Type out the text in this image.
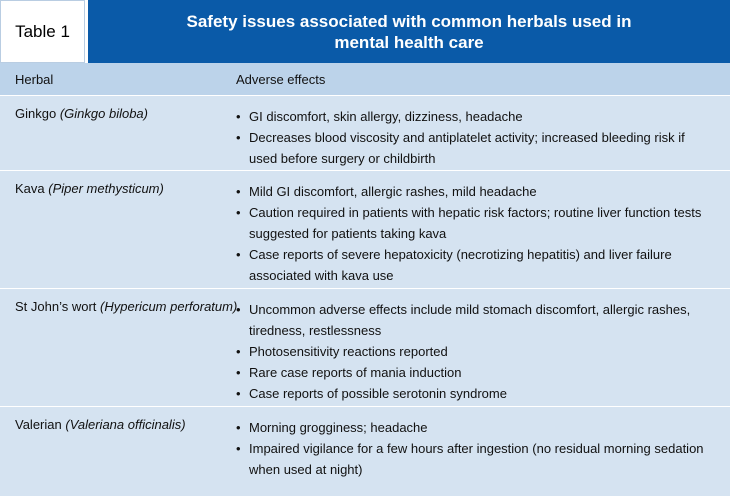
Table 1
Safety issues associated with common herbals used in mental health care
Herbal	Adverse effects
Ginkgo (Ginkgo biloba)	• GI discomfort, skin allergy, dizziness, headache
• Decreases blood viscosity and antiplatelet activity; increased bleeding risk if used before surgery or childbirth
Kava (Piper methysticum)	• Mild GI discomfort, allergic rashes, mild headache
• Caution required in patients with hepatic risk factors; routine liver function tests suggested for patients taking kava
• Case reports of severe hepatoxicity (necrotizing hepatitis) and liver failure associated with kava use
St John’s wort (Hypericum perforatum) • Uncommon adverse effects include mild stomach discomfort, allergic rashes, tiredness, restlessness
• Photosensitivity reactions reported
• Rare case reports of mania induction
• Case reports of possible serotonin syndrome
Valerian (Valeriana officinalis)	• Morning grogginess; headache
• Impaired vigilance for a few hours after ingestion (no residual morning sedation when used at night)
